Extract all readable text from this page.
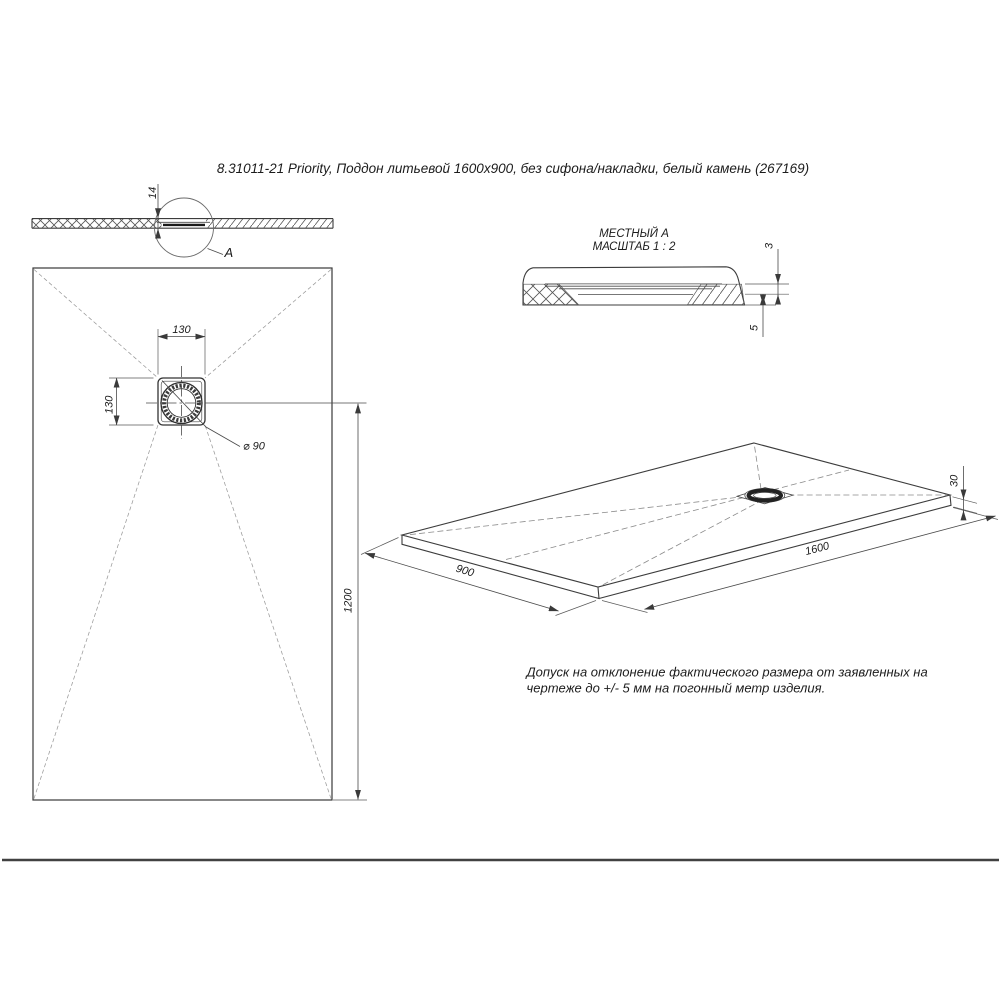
8.31011-21 Priority, Поддон литьевой 1600x900, без сифона/накладки, белый камень (267169)
A
14
МЕСТНЫЙ А
МАСШТАБ 1 : 2	3
5
⌀ 90
130
130
1200
900
1600
30
Допуск на отклонение фактического размера от заявленных на
чертеже до +/- 5 мм на погонный метр изделия.
